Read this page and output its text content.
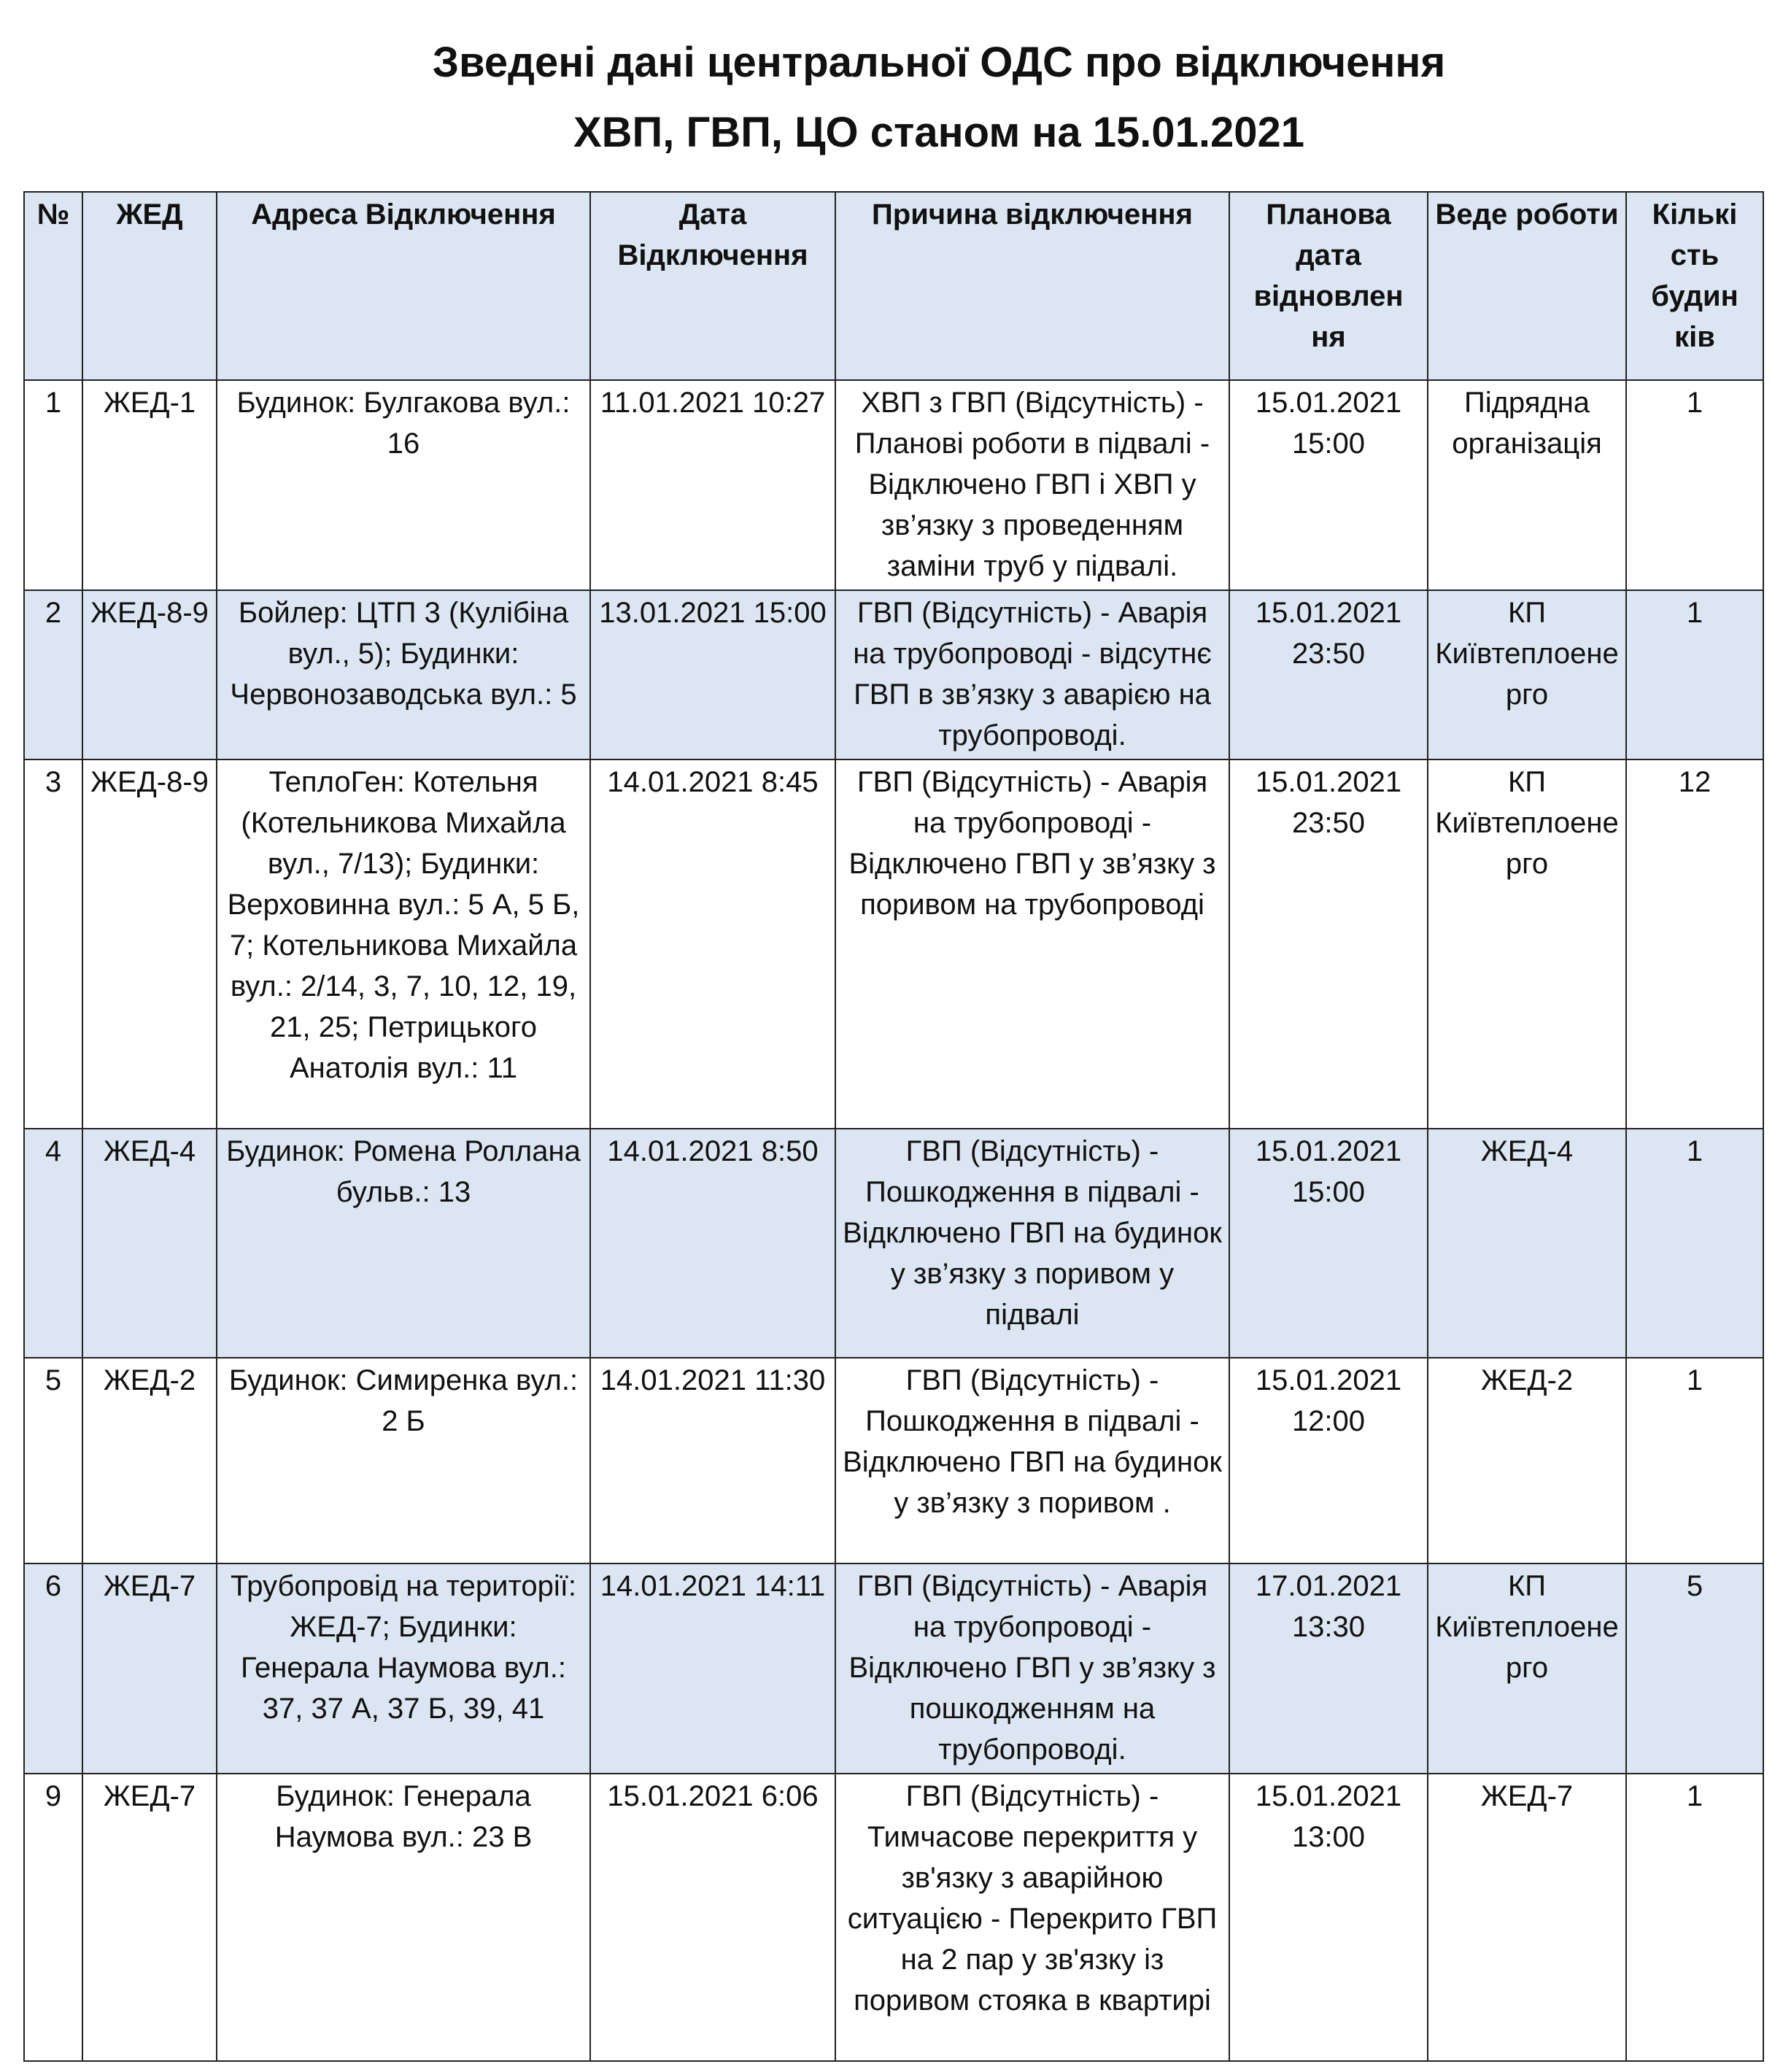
Зведені дані центральної ОДС про відключення
ХВП, ГВП, ЦО станом на 15.01.2021
№	ЖЕД	Адреса Відключення	Дата Відключення	Причина відключення	Планова дата відновлен ня	Веде роботи	Кількі сть будин ків
1	ЖЕД-1	Будинок: Булгакова вул.: 16	11.01.2021 10:27	ХВП з ГВП (Відсутність) - Планові роботи в підвалі - Відключено ГВП і ХВП у зв’язку з проведенням заміни труб у підвалі.	15.01.2021 15:00	Підрядна організація	1
2	ЖЕД-8-9	Бойлер: ЦТП 3 (Кулібіна вул., 5); Будинки: Червонозаводська вул.: 5	13.01.2021 15:00	ГВП (Відсутність) - Аварія на трубопроводі - відсутнє ГВП в зв’язку з аварією на трубопроводі.	15.01.2021 23:50	КП Київтеплоенерго	1
3	ЖЕД-8-9	ТеплоГен: Котельня (Котельникова Михайла вул., 7/13); Будинки: Верховинна вул.: 5 А, 5 Б, 7; Котельникова Михайла вул.: 2/14, 3, 7, 10, 12, 19, 21, 25; Петрицького Анатолія вул.: 11	14.01.2021 8:45	ГВП (Відсутність) - Аварія на трубопроводі - Відключено ГВП у зв’язку з поривом на трубопроводі	15.01.2021 23:50	КП Київтеплоенерго	12
4	ЖЕД-4	Будинок: Ромена Роллана бульв.: 13	14.01.2021 8:50	ГВП (Відсутність) - Пошкодження в підвалі - Відключено ГВП на будинок у зв’язку з поривом у підвалі	15.01.2021 15:00	ЖЕД-4	1
5	ЖЕД-2	Будинок: Симиренка вул.: 2 Б	14.01.2021 11:30	ГВП (Відсутність) - Пошкодження в підвалі - Відключено ГВП на будинок у зв’язку з поривом .	15.01.2021 12:00	ЖЕД-2	1
6	ЖЕД-7	Трубопровід на території: ЖЕД-7; Будинки: Генерала Наумова вул.: 37, 37 А, 37 Б, 39, 41	14.01.2021 14:11	ГВП (Відсутність) - Аварія на трубопроводі - Відключено ГВП у зв’язку з пошкодженням на трубопроводі.	17.01.2021 13:30	КП Київтеплоенерго	5
9	ЖЕД-7	Будинок: Генерала Наумова вул.: 23 В	15.01.2021 6:06	ГВП (Відсутність) - Тимчасове перекриття у зв'язку з аварійною ситуацією - Перекрито ГВП на 2 пар у зв'язку із поривом стояка в квартирі	15.01.2021 13:00	ЖЕД-7	1
